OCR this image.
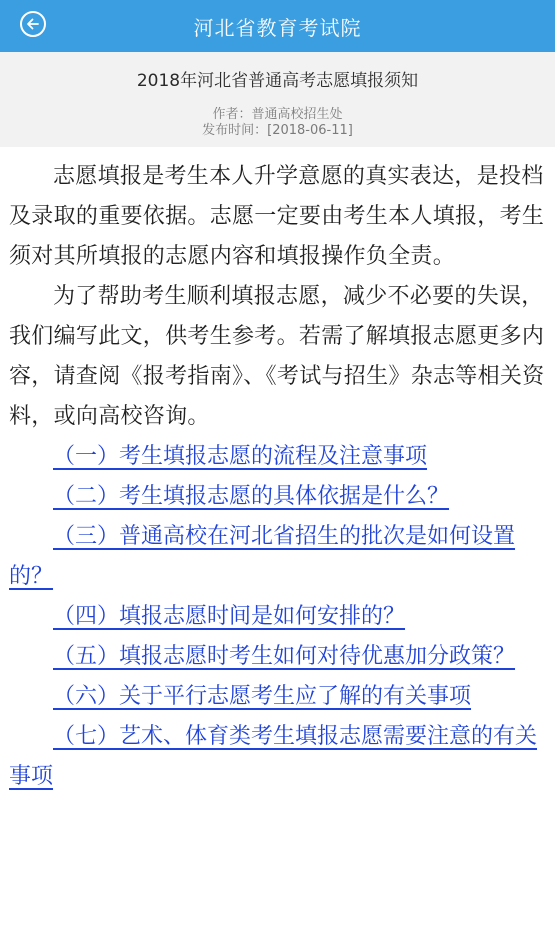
河北省教育考试院
2018年河北省普通高考志愿填报须知
作者：普通高校招生处
发布时间：[2018-06-11]

志愿填报是考生本人升学意愿的真实表达，是投档及录取的重要依据。志愿一定要由考生本人填报，考生须对其所填报的志愿内容和填报操作负全责。

为了帮助考生顺利填报志愿，减少不必要的失误，我们编写此文，供考生参考。若需了解填报志愿更多内容，请查阅《报考指南》、《考试与招生》杂志等相关资料，或向高校咨询。

（一）考生填报志愿的流程及注意事项

（二）考生填报志愿的具体依据是什么？

（三）普通高校在河北省招生的批次是如何设置的？

（四）填报志愿时间是如何安排的？

（五）填报志愿时考生如何对待优惠加分政策？

（六）关于平行志愿考生应了解的有关事项

（七）艺术、体育类考生填报志愿需要注意的有关事项
